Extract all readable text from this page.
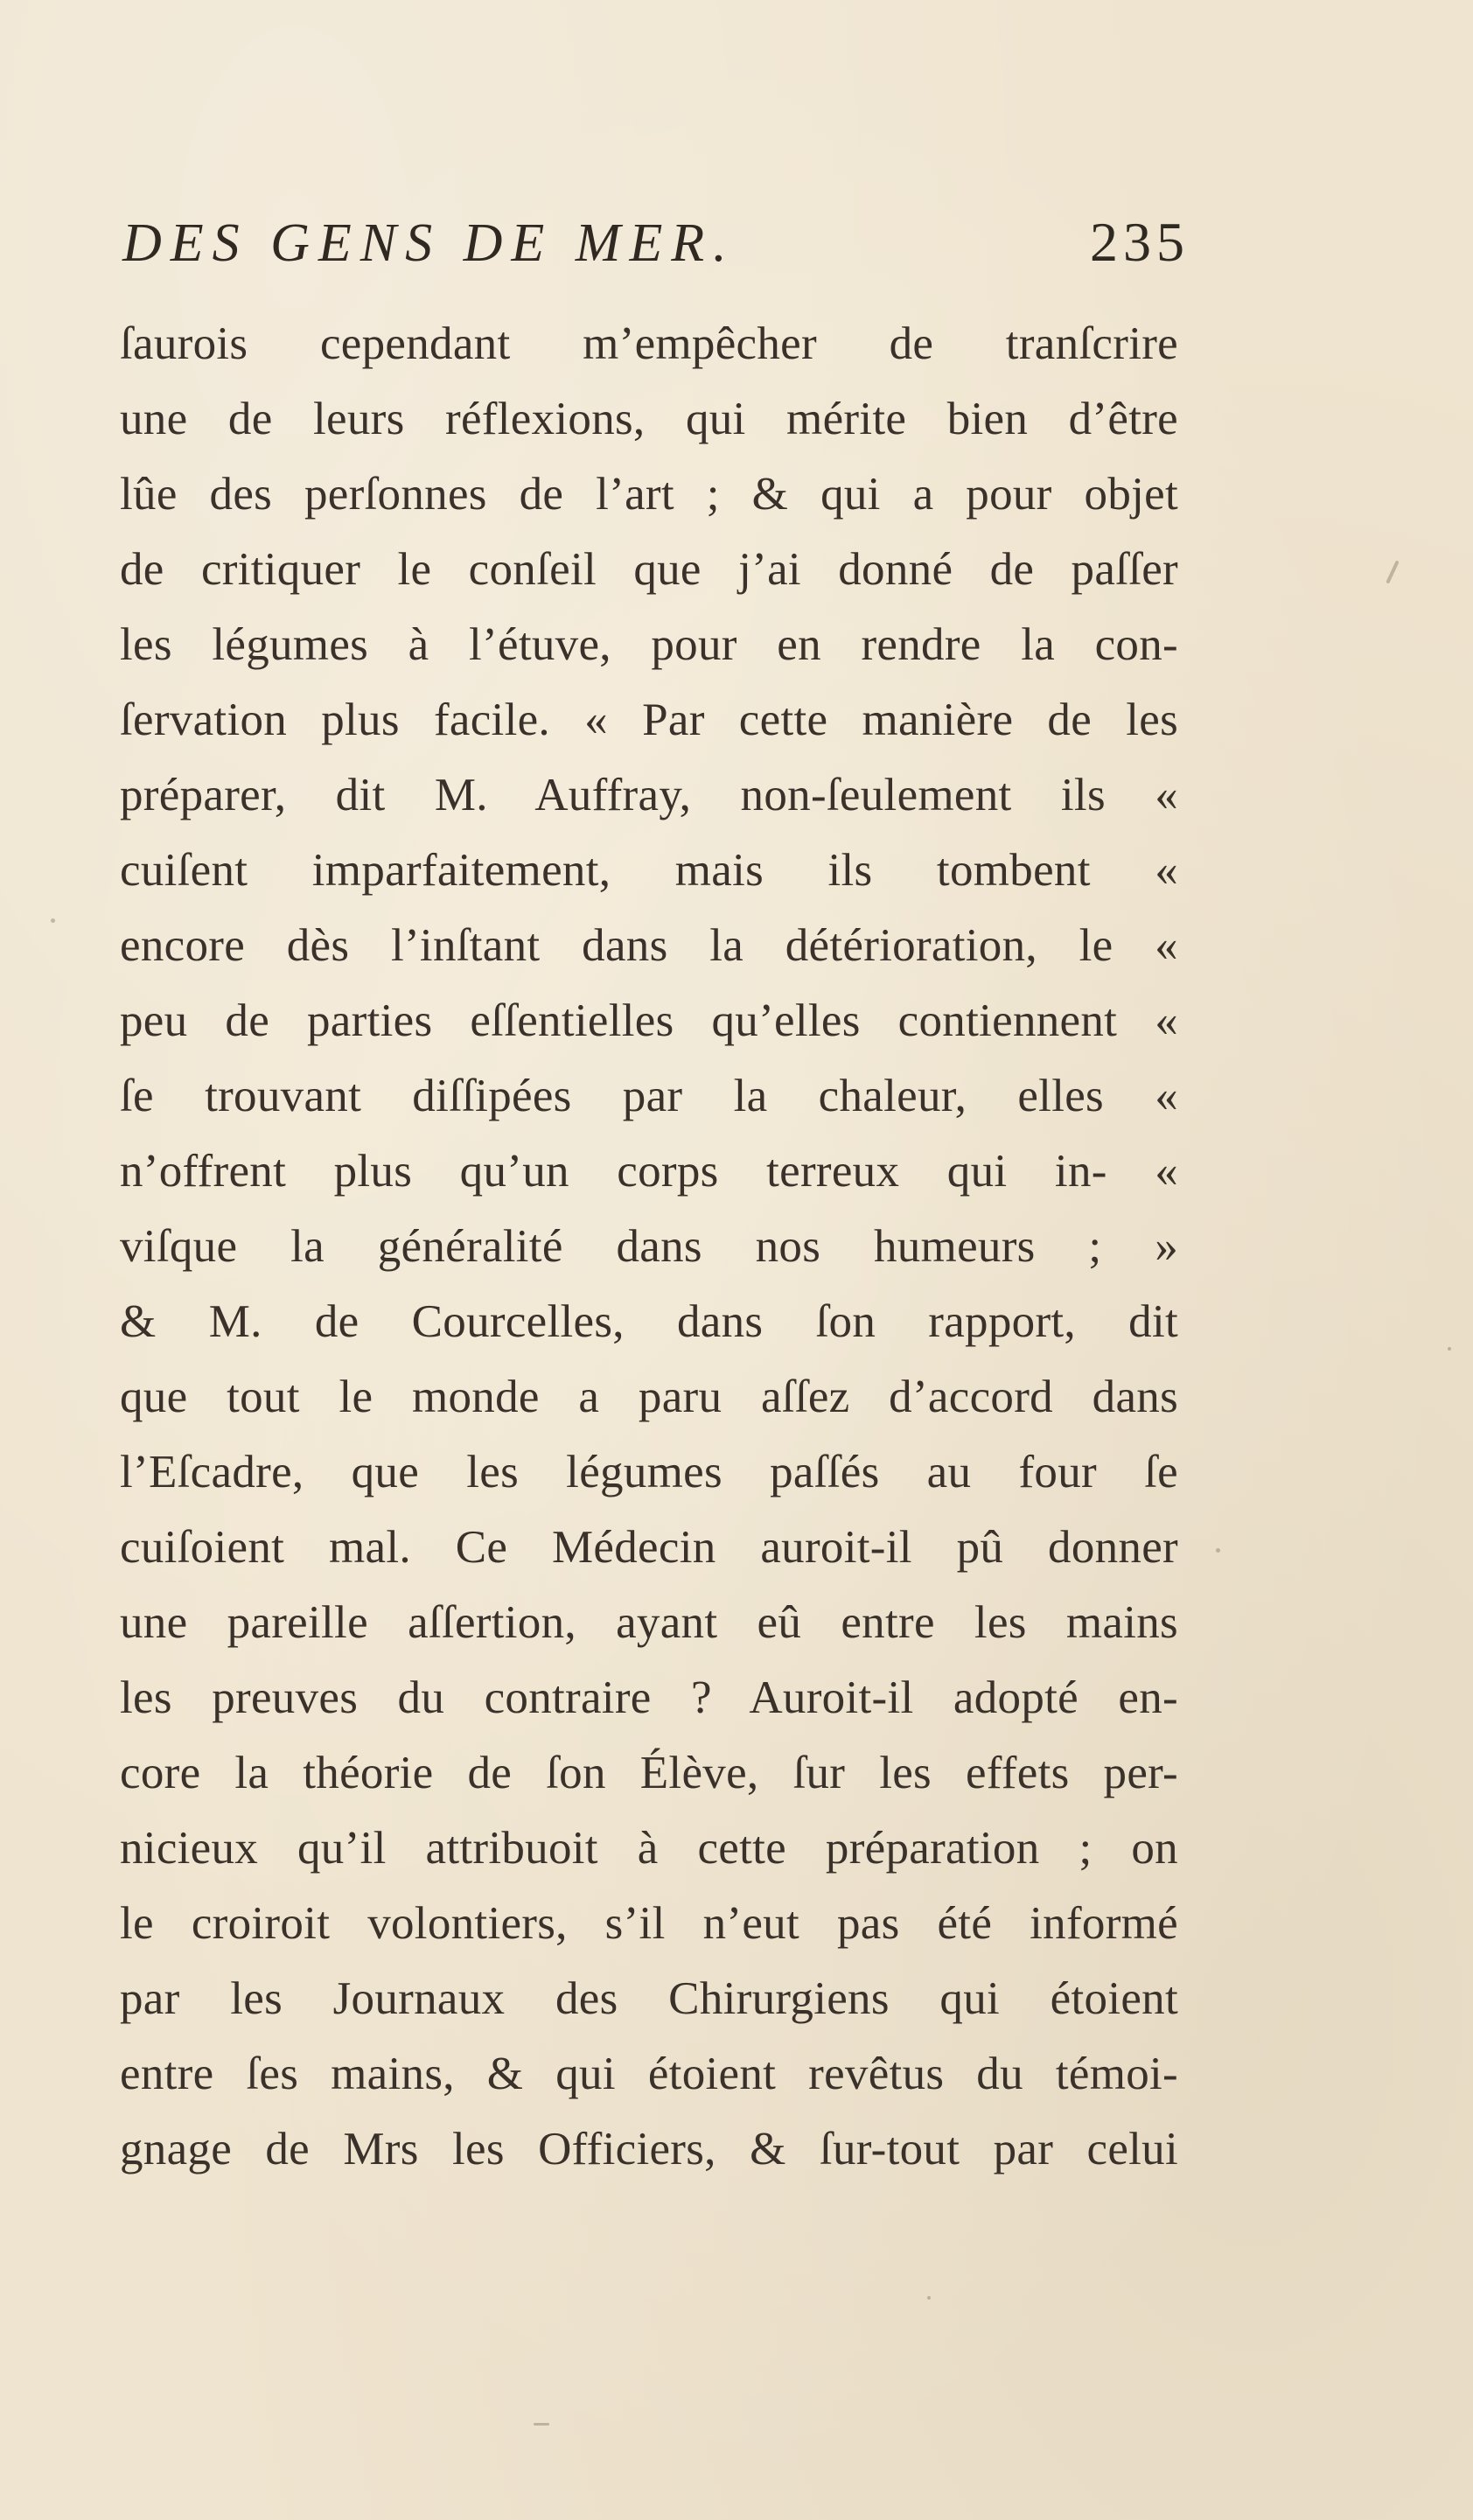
DES GENS DE MER.	235
ſaurois cependant m’empêcher de tranſcrire
une de leurs réflexions, qui mérite bien d’être
lûe des perſonnes de l’art ; & qui a pour objet
de critiquer le conſeil que j’ai donné de paſſer
les légumes à l’étuve, pour en rendre la con-
ſervation plus facile. « Par cette manière de les
préparer, dit M. Auffray, non-ſeulement ils «
cuiſent imparfaitement, mais ils tombent «
encore dès l’inſtant dans la détérioration, le «
peu de parties eſſentielles qu’elles contiennent «
ſe trouvant diſſipées par la chaleur, elles «
n’offrent plus qu’un corps terreux qui in- «
viſque la généralité dans nos humeurs ; »
& M. de Courcelles, dans ſon rapport, dit
que tout le monde a paru aſſez d’accord dans
l’Eſcadre, que les légumes paſſés au four ſe
cuiſoient mal. Ce Médecin auroit-il pû donner
une pareille aſſertion, ayant eû entre les mains
les preuves du contraire ? Auroit-il adopté en-
core la théorie de ſon Élève, ſur les effets per-
nicieux qu’il attribuoit à cette préparation ; on
le croiroit volontiers, s’il n’eut pas été informé
par les Journaux des Chirurgiens qui étoient
entre ſes mains, & qui étoient revêtus du témoi-
gnage de Mrs les Officiers, & ſur-tout par celui
